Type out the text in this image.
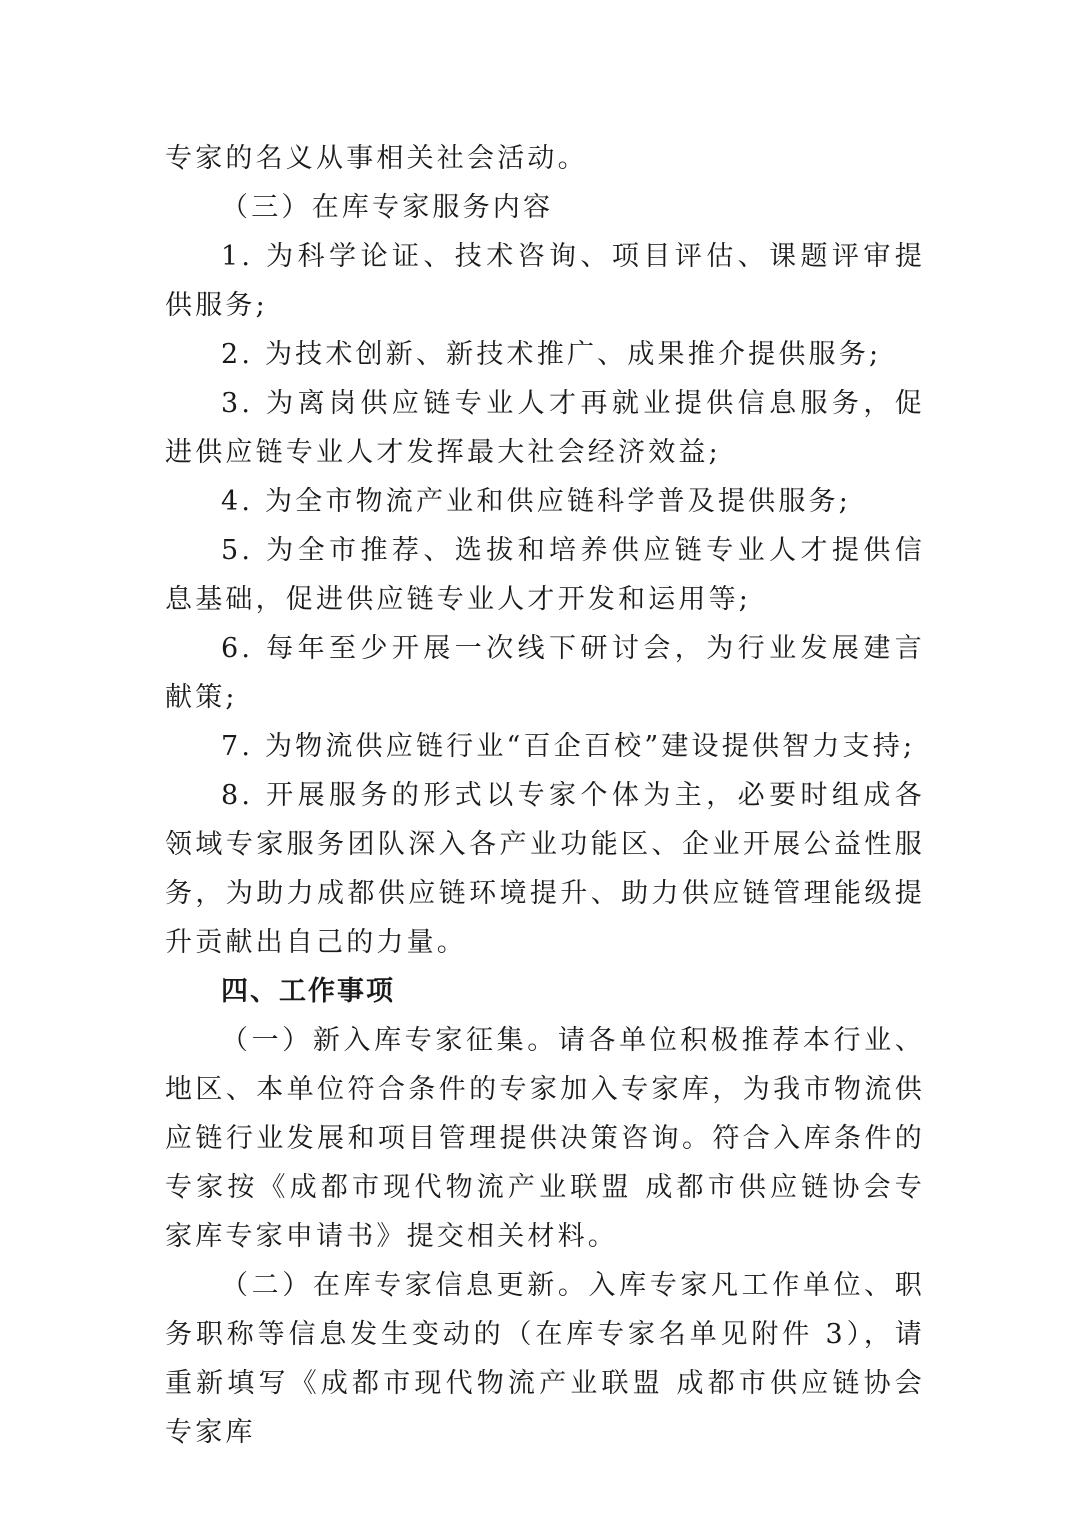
专家的名义从事相关社会活动。

（三）在库专家服务内容

1. 为科学论证、技术咨询、项目评估、课题评审提供服务;

2. 为技术创新、新技术推广、成果推介提供服务;

3. 为离岗供应链专业人才再就业提供信息服务，促进供应链专业人才发挥最大社会经济效益;

4. 为全市物流产业和供应链科学普及提供服务;

5. 为全市推荐、选拔和培养供应链专业人才提供信息基础，促进供应链专业人才开发和运用等;

6. 每年至少开展一次线下研讨会，为行业发展建言献策;

7. 为物流供应链行业“百企百校”建设提供智力支持;

8. 开展服务的形式以专家个体为主，必要时组成各领域专家服务团队深入各产业功能区、企业开展公益性服务，为助力成都供应链环境提升、助力供应链管理能级提升贡献出自己的力量。

四、工作事项

（一）新入库专家征集。请各单位积极推荐本行业、地区、本单位符合条件的专家加入专家库，为我市物流供应链行业发展和项目管理提供决策咨询。符合入库条件的专家按《成都市现代物流产业联盟 成都市供应链协会专家库专家申请书》提交相关材料。

（二）在库专家信息更新。入库专家凡工作单位、职务职称等信息发生变动的（在库专家名单见附件 3），请重新填写《成都市现代物流产业联盟 成都市供应链协会专家库
